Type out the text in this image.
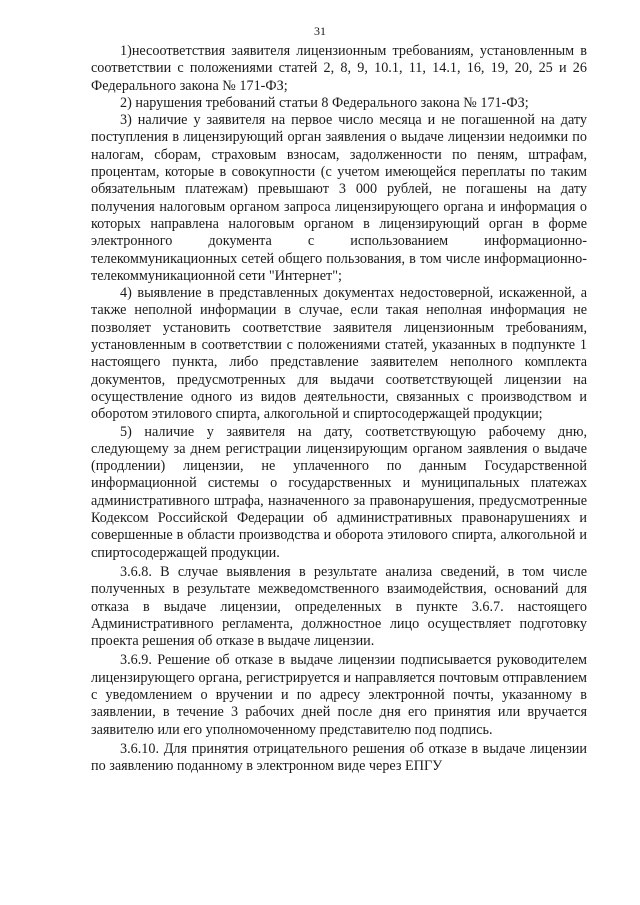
31

1)несоответствия заявителя лицензионным требованиям, установленным в соответствии с положениями статей 2, 8, 9, 10.1, 11, 14.1, 16, 19, 20, 25 и 26 Федерального закона № 171-ФЗ;

2) нарушения требований статьи 8 Федерального закона № 171-ФЗ;

3) наличие у заявителя на первое число месяца и не погашенной на дату поступления в лицензирующий орган заявления о выдаче лицензии недоимки по налогам, сборам, страховым взносам, задолженности по пеням, штрафам, процентам, которые в совокупности (с учетом имеющейся переплаты по таким обязательным платежам) превышают 3 000 рублей, не погашены на дату получения налоговым органом запроса лицензирующего органа и информация о которых направлена налоговым органом в лицензирующий орган в форме электронного документа с использованием информационно-телекоммуникационных сетей общего пользования, в том числе информационно-телекоммуникационной сети "Интернет";

4) выявление в представленных документах недостоверной, искаженной, а также неполной информации в случае, если такая неполная информация не позволяет установить соответствие заявителя лицензионным требованиям, установленным в соответствии с положениями статей, указанных в подпункте 1 настоящего пункта, либо представление заявителем неполного комплекта документов, предусмотренных для выдачи соответствующей лицензии на осуществление одного из видов деятельности, связанных с производством и оборотом этилового спирта, алкогольной и спиртосодержащей продукции;

5) наличие у заявителя на дату, соответствующую рабочему дню, следующему за днем регистрации лицензирующим органом заявления о выдаче (продлении) лицензии, не уплаченного по данным Государственной информационной системы о государственных и муниципальных платежах административного штрафа, назначенного за правонарушения, предусмотренные Кодексом Российской Федерации об административных правонарушениях и совершенные в области производства и оборота этилового спирта, алкогольной и спиртосодержащей продукции.

3.6.8. В случае выявления в результате анализа сведений, в том числе полученных в результате межведомственного взаимодействия, оснований для отказа в выдаче лицензии, определенных в пункте 3.6.7. настоящего Административного регламента, должностное лицо осуществляет подготовку проекта решения об отказе в выдаче лицензии.

3.6.9. Решение об отказе в выдаче лицензии подписывается руководителем лицензирующего органа, регистрируется и направляется почтовым отправлением с уведомлением о вручении и по адресу электронной почты, указанному в заявлении, в течение 3 рабочих дней после дня его принятия или вручается заявителю или его уполномоченному представителю под подпись.

3.6.10. Для принятия отрицательного решения об отказе в выдаче лицензии по заявлению поданному в электронном виде через ЕПГУ
